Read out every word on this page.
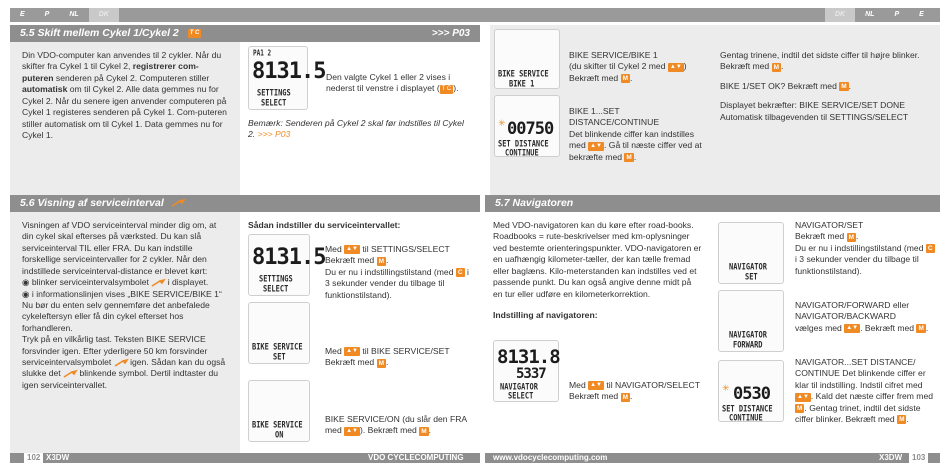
E	P	NL	DK	DK	NL	P	E
5.5 Skift mellem Cykel 1/Cykel 2 T C	>>> P03

Din VDO-computer kan anvendes til 2 cykler. Når du skifter fra Cykel 1 til Cykel 2, registrerer com-puteren senderen på Cykel 2. Computeren stiller automatisk om til Cykel 2. Alle data gemmes nu for Cykel 2. Når du senere igen anvender computeren på Cykel 1 registeres senderen på Cykel 1. Com-puteren stiller automatisk om til Cykel 1. Data gemmes nu for Cykel 1.

PA1 2
8131.5
SETTINGS
SELECT

Den valgte Cykel 1 eller 2 vises i nederst til venstre i displayet ( T C ).

Bemærk: Senderen på Cykel 2 skal før indstilles til Cykel 2. >>> P03

BIKE SERVICE
BIKE 1

BIKE SERVICE/BIKE 1
(du skifter til Cykel 2 med ▲▼ )
Bekræft med M .

✳ 00750
SET DISTANCE
CONTINUE

BIKE 1...SET DISTANCE/CONTINUE
Det blinkende ciffer kan indstilles med ▲▼ . Gå til næste ciffer ved at bekræfte med M .

Gentag trinene, indtil det sidste ciffer til højre blinker. Bekræft med M .

BIKE 1/SET OK? Bekræft med M .

Displayet bekræfter: BIKE SERVICE/SET DONE Automatisk tilbagevenden til SETTINGS/SELECT

5.6 Visning af serviceinterval

Visningen af VDO serviceinterval minder dig om, at din cykel skal efterses på værksted. Du kan slå serviceinterval TIL eller FRA. Du kan indstille forskellige serviceintervaller for 2 cykler. Når den indstillede serviceinterval-distance er blevet kørt:

◉ blinker serviceintervalsymbolet i displayet.

◉ i informationslinjen vises „BIKE SERVICE/BIKE 1“

Nu bør du enten selv gennemføre det anbefalede cykeleftersyn eller få din cykel efterset hos forhandleren.

Tryk på en vilkårlig tast. Teksten BIKE SERVICE forsvinder igen. Efter yderligere 50 km forsvinder serviceintervalsymbolet igen. Sådan kan du også slukke det blinkende symbol. Dertil indtaster du igen serviceintervallet.

Sådan indstiller du serviceintervallet:

8131.5
SETTINGS
SELECT

Med ▲▼ til SETTINGS/SELECT Bekræft med M .
Du er nu i indstillingstilstand (med C i 3 sekunder vender du tilbage til funktionstilstand).

BIKE SERVICE
SET

Med ▲▼ til BIKE SERVICE/SET Bekræft med M .

BIKE SERVICE
ON

BIKE SERVICE/ON (du slår den FRA med ▲▼ ). Bekræft med M .

5.7 Navigatoren

Med VDO-navigatoren kan du køre efter road-books. Roadbooks = rute-beskrivelser med km-oplysninger ved bestemte orienteringspunkter. VDO-navigatoren er en uafhængig kilometer-tæller, der kan tælle fremad eller baglæns. Kilo-meterstanden kan indstilles ved et passende punkt. Du kan også angive denne midt på en tur eller udføre en kilometerkorrektion.

Indstilling af navigatoren:

8131.8
5337
NAVIGATOR
SELECT

Med ▲▼ til NAVIGATOR/SELECT Bekræft med M .

NAVIGATOR
SET

NAVIGATOR/SET
Bekræft med M .
Du er nu i indstillingstilstand (med C i 3 sekunder vender du tilbage til funktionstilstand).

NAVIGATOR
FORWARD

NAVIGATOR/FORWARD eller NAVIGATOR/BACKWARD
vælges med ▲▼ . Bekræft med M .

✳ 0530
SET DISTANCE
CONTINUE

NAVIGATOR...SET DISTANCE/ CONTINUE Det blinkende ciffer er klar til indstilling. Indstil cifret med ▲▼ . Kald det næste ciffer frem med M . Gentag trinet, indtil det sidste ciffer blinker. Bekræft med M .

102 X3DW	VDO CYCLECOMPUTING	www.vdocyclecomputing.com	X3DW	103
